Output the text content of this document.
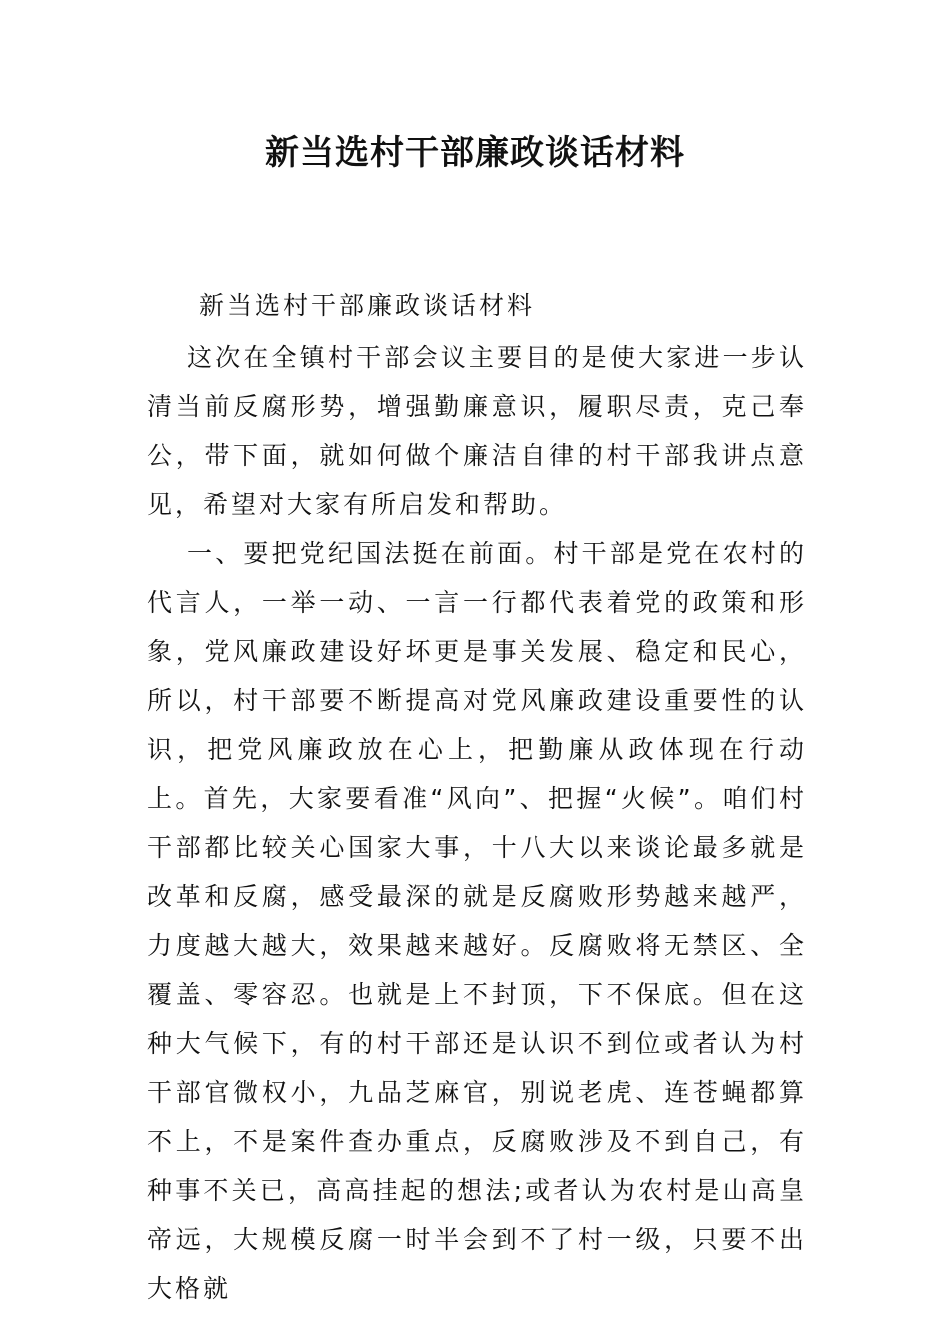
新当选村干部廉政谈话材料

新当选村干部廉政谈话材料

这次在全镇村干部会议主要目的是使大家进一步认清当前反腐形势，增强勤廉意识，履职尽责，克己奉公，带下面，就如何做个廉洁自律的村干部我讲点意见，希望对大家有所启发和帮助。

一、要把党纪国法挺在前面。村干部是党在农村的代言人，一举一动、一言一行都代表着党的政策和形象，党风廉政建设好坏更是事关发展、稳定和民心，所以，村干部要不断提高对党风廉政建设重要性的认识，把党风廉政放在心上，把勤廉从政体现在行动上。首先，大家要看准“风向”、把握“火候”。咱们村干部都比较关心国家大事，十八大以来谈论最多就是改革和反腐，感受最深的就是反腐败形势越来越严，力度越大越大，效果越来越好。反腐败将无禁区、全覆盖、零容忍。也就是上不封顶，下不保底。但在这种大气候下，有的村干部还是认识不到位或者认为村干部官微权小，九品芝麻官，别说老虎、连苍蝇都算不上，不是案件查办重点，反腐败涉及不到自己，有种事不关已，高高挂起的想法;或者认为农村是山高皇帝远，大规模反腐一时半会到不了村一级，只要不出大格就
